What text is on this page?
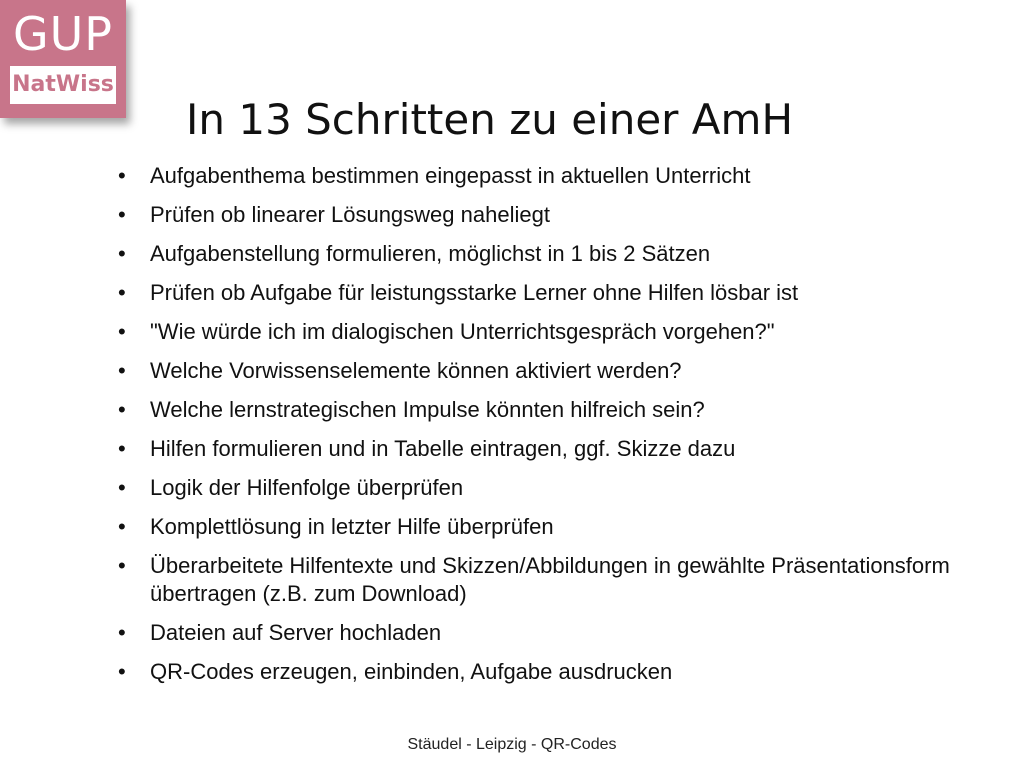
GUP
NatWiss
In 13 Schritten zu einer AmH
•	Aufgabenthema bestimmen eingepasst in aktuellen Unterricht
•	Prüfen ob linearer Lösungsweg naheliegt
•	Aufgabenstellung formulieren, möglichst in 1 bis 2 Sätzen
•	Prüfen ob Aufgabe für leistungsstarke Lerner ohne Hilfen lösbar ist
•	"Wie würde ich im dialogischen Unterrichtsgespräch vorgehen?"
•	Welche Vorwissenselemente können aktiviert werden?
•	Welche lernstrategischen Impulse könnten hilfreich sein?
•	Hilfen formulieren und in Tabelle eintragen, ggf. Skizze dazu
•	Logik der Hilfenfolge überprüfen
•	Komplettlösung in letzter Hilfe überprüfen
•	Überarbeitete Hilfentexte und Skizzen/Abbildungen in gewählte Präsentationsform übertragen (z.B. zum Download)
•	Dateien auf Server hochladen
•	QR-Codes erzeugen, einbinden, Aufgabe ausdrucken
Stäudel - Leipzig - QR-Codes
